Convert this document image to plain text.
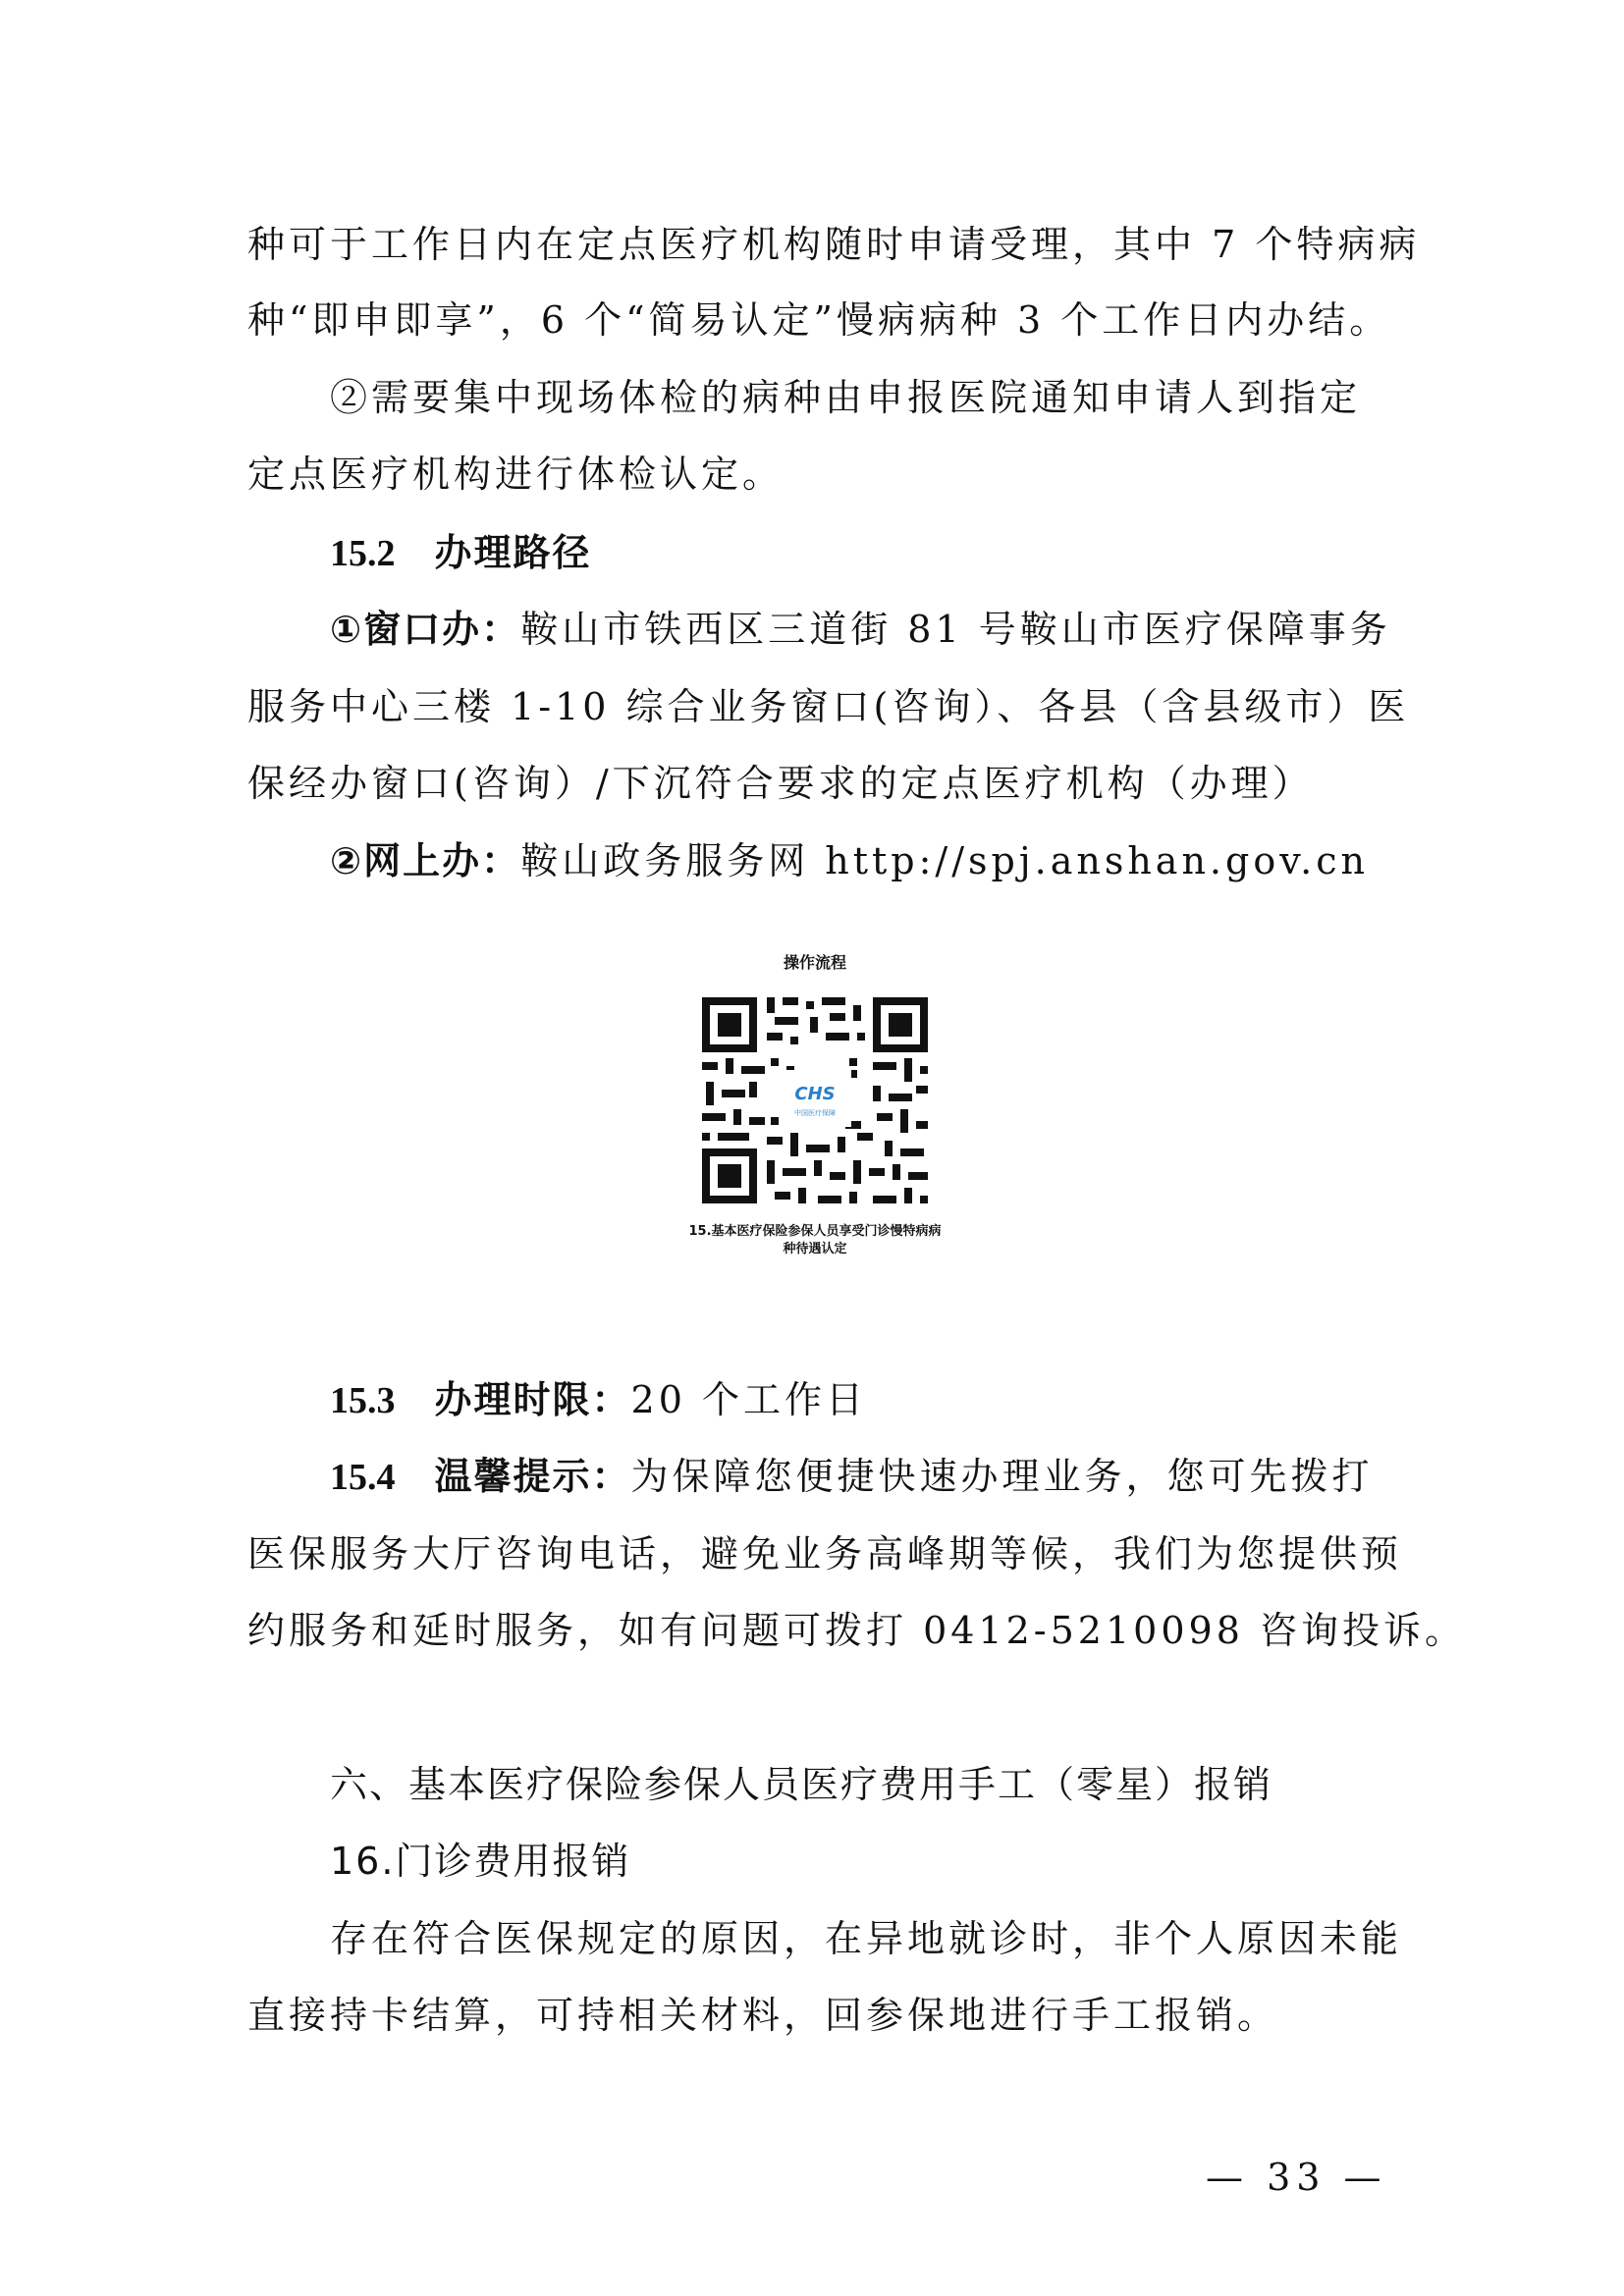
种可于工作日内在定点医疗机构随时申请受理，其中 7 个特病病
种“即申即享”，6 个“简易认定”慢病病种 3 个工作日内办结。
②需要集中现场体检的病种由申报医院通知申请人到指定
定点医疗机构进行体检认定。
15.2 办理路径
①窗口办：鞍山市铁西区三道街 81 号鞍山市医疗保障事务
服务中心三楼 1-10 综合业务窗口(咨询）、各县（含县级市）医
保经办窗口(咨询）/下沉符合要求的定点医疗机构（办理）
②网上办：鞍山政务服务网 http://spj.anshan.gov.cn
操作流程
CHS
中国医疗保障
15.基本医疗保险参保人员享受门诊慢特病病
种待遇认定
15.3 办理时限：20 个工作日
15.4 温馨提示：为保障您便捷快速办理业务，您可先拨打
医保服务大厅咨询电话，避免业务高峰期等候，我们为您提供预
约服务和延时服务，如有问题可拨打 0412-5210098 咨询投诉。
六、基本医疗保险参保人员医疗费用手工（零星）报销
16.门诊费用报销
存在符合医保规定的原因，在异地就诊时，非个人原因未能
直接持卡结算，可持相关材料，回参保地进行手工报销。
— 33 —
